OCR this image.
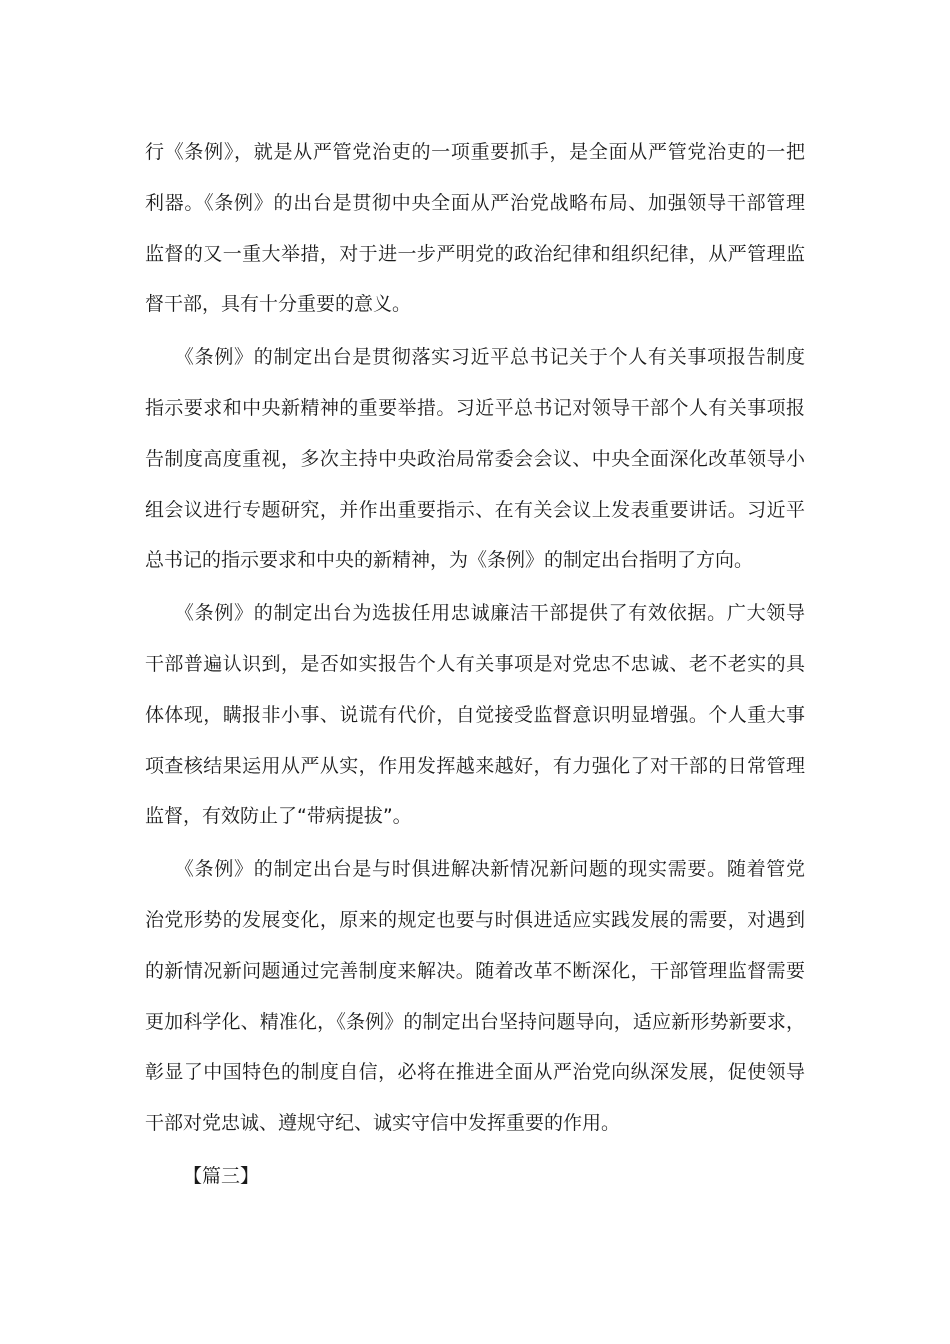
行《条例》，就是从严管党治吏的一项重要抓手，是全面从严管党治吏的一把
利器。《条例》的出台是贯彻中央全面从严治党战略布局、加强领导干部管理
监督的又一重大举措，对于进一步严明党的政治纪律和组织纪律，从严管理监
督干部，具有十分重要的意义。
　　《条例》的制定出台是贯彻落实习近平总书记关于个人有关事项报告制度
指示要求和中央新精神的重要举措。习近平总书记对领导干部个人有关事项报
告制度高度重视，多次主持中央政治局常委会会议、中央全面深化改革领导小
组会议进行专题研究，并作出重要指示、在有关会议上发表重要讲话。习近平
总书记的指示要求和中央的新精神，为《条例》的制定出台指明了方向。
　　《条例》的制定出台为选拔任用忠诚廉洁干部提供了有效依据。广大领导
干部普遍认识到，是否如实报告个人有关事项是对党忠不忠诚、老不老实的具
体体现，瞒报非小事、说谎有代价，自觉接受监督意识明显增强。个人重大事
项查核结果运用从严从实，作用发挥越来越好，有力强化了对干部的日常管理
监督，有效防止了“带病提拔”。
　　《条例》的制定出台是与时俱进解决新情况新问题的现实需要。随着管党
治党形势的发展变化，原来的规定也要与时俱进适应实践发展的需要，对遇到
的新情况新问题通过完善制度来解决。随着改革不断深化，干部管理监督需要
更加科学化、精准化，《条例》的制定出台坚持问题导向，适应新形势新要求，
彰显了中国特色的制度自信，必将在推进全面从严治党向纵深发展，促使领导
干部对党忠诚、遵规守纪、诚实守信中发挥重要的作用。
【篇三】
